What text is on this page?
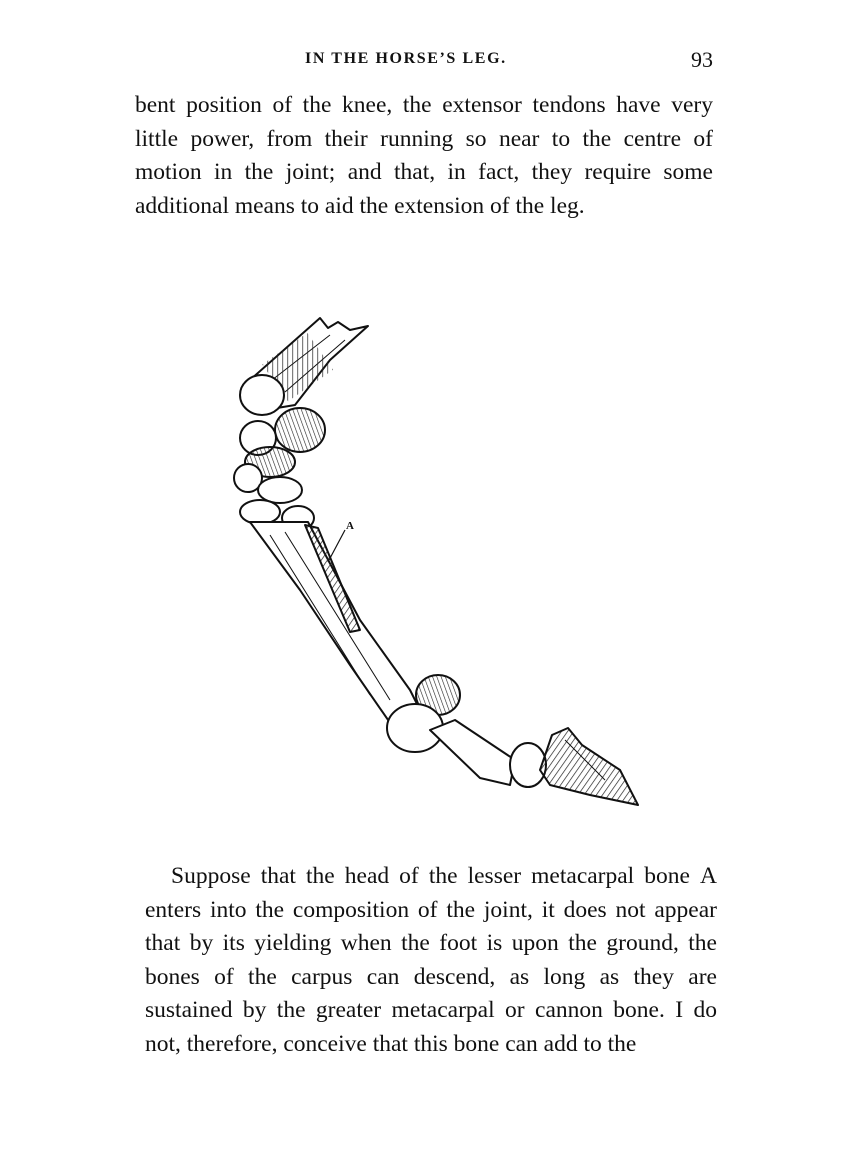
IN THE HORSE’S LEG.	93

bent position of the knee, the extensor tendons have very little power, from their running so near to the centre of motion in the joint; and that, in fact, they require some additional means to aid the extension of the leg.

A

Suppose that the head of the lesser metacarpal bone A enters into the composition of the joint, it does not appear that by its yielding when the foot is upon the ground, the bones of the carpus can descend, as long as they are sustained by the greater metacarpal or cannon bone. I do not, therefore, conceive that this bone can add to the
